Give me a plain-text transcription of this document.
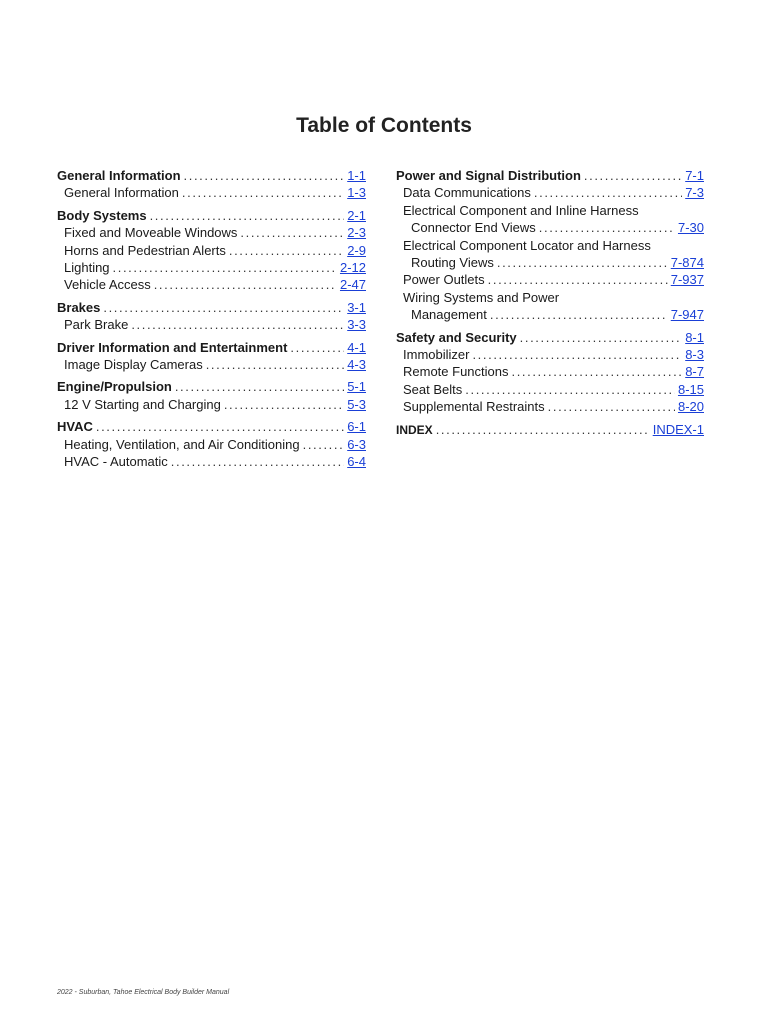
Table of Contents
General Information .....	1-1
General Information .....	1-3
Body Systems .....	2-1
Fixed and Moveable Windows .....	2-3
Horns and Pedestrian Alerts .....	2-9
Lighting .....	2-12
Vehicle Access .....	2-47
Brakes .....	3-1
Park Brake .....	3-3
Driver Information and Entertainment .....	4-1
Image Display Cameras .....	4-3
Engine/Propulsion .....	5-1
12 V Starting and Charging .....	5-3
HVAC .....	6-1
Heating, Ventilation, and Air Conditioning .....	6-3
HVAC - Automatic .....	6-4
Power and Signal Distribution .....	7-1
Data Communications .....	7-3
Electrical Component and Inline Harness
Connector End Views .....	7-30
Electrical Component Locator and Harness
Routing Views .....	7-874
Power Outlets .....	7-937
Wiring Systems and Power
Management .....	7-947
Safety and Security .....	8-1
Immobilizer .....	8-3
Remote Functions .....	8-7
Seat Belts .....	8-15
Supplemental Restraints .....	8-20
INDEX .....	INDEX-1
2022 - Suburban, Tahoe Electrical Body Builder Manual
